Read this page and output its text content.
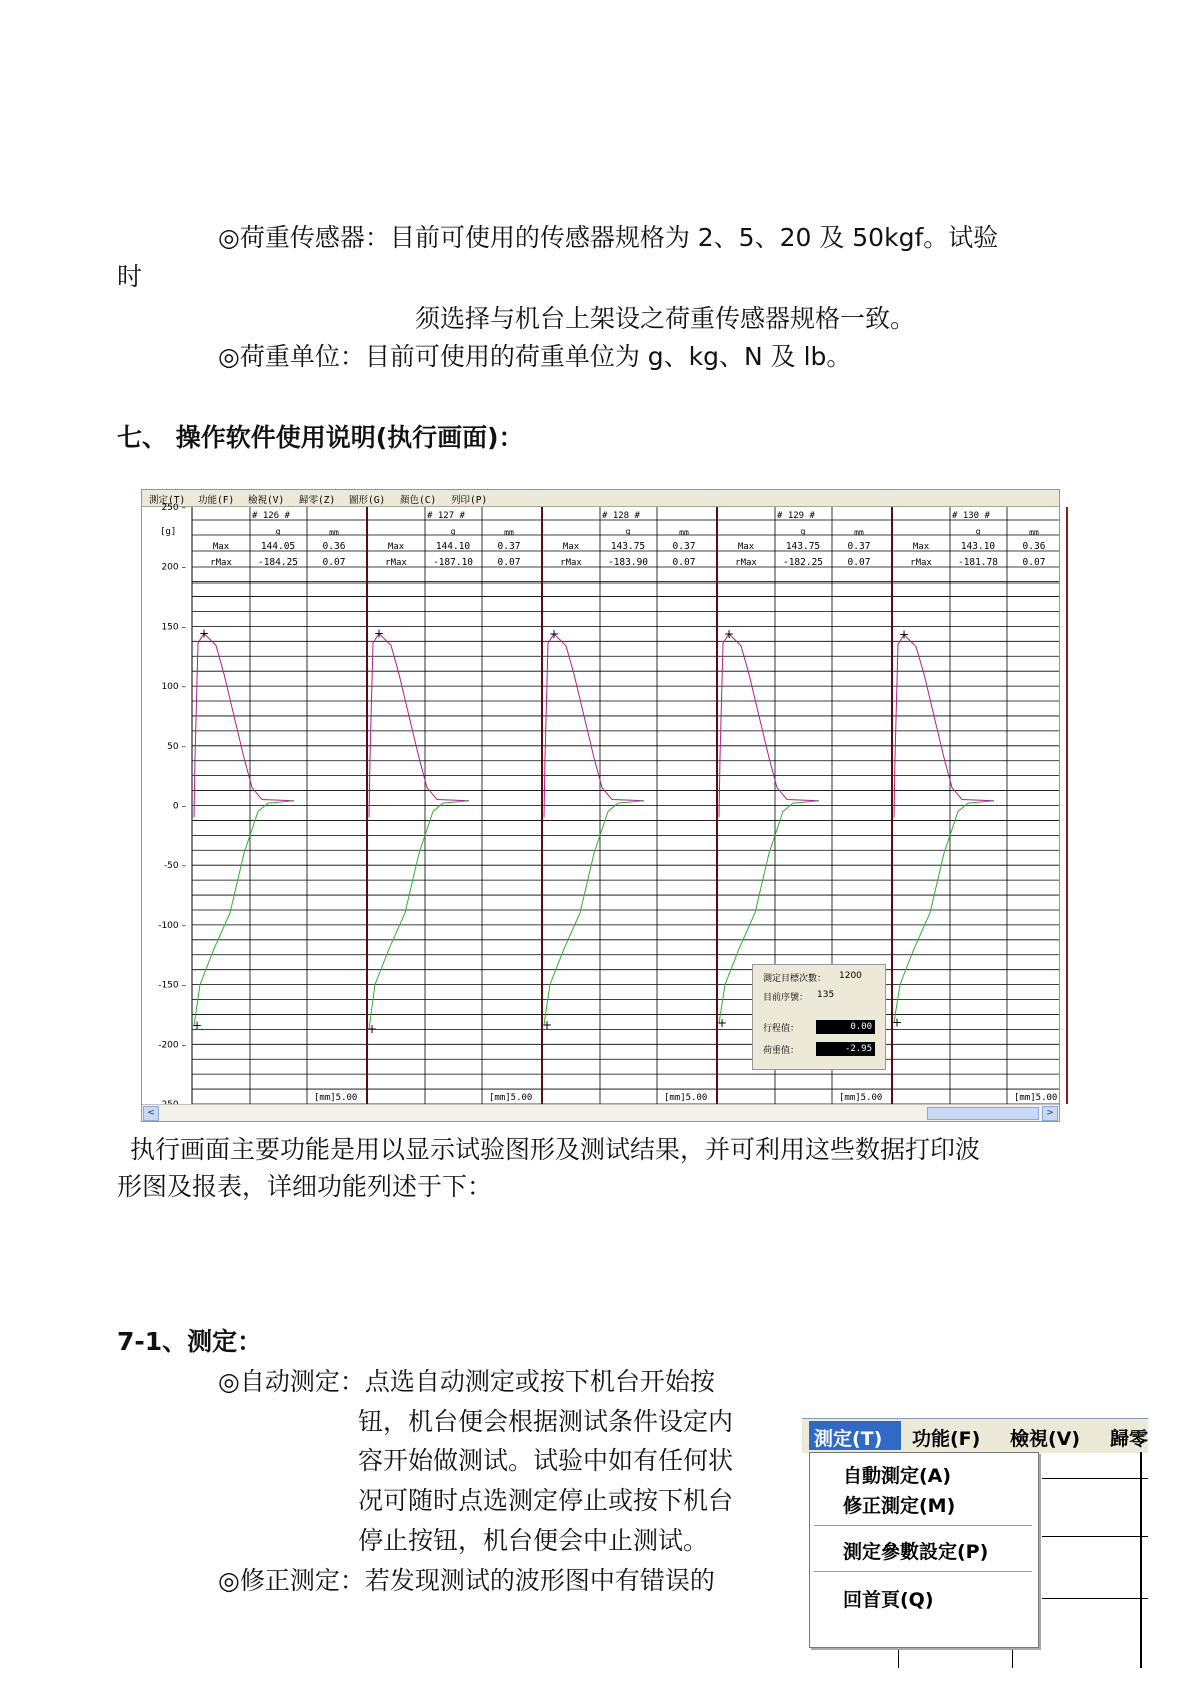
◎荷重传感器：目前可使用的传感器规格为 2、5、20 及 50kgf。试验
时
须选择与机台上架设之荷重传感器规格一致。
◎荷重单位：目前可使用的荷重单位为 g、kg、N 及 lb。
七、 操作软件使用说明(执行画面)：
測定(T) 功能(F) 檢視(V) 歸零(Z) 圖形(G) 顏色(C) 列印(P)
250 –
200 –
150 –
100 –
50 –
0 –
-50 –
-100 –
-150 –
-200 –
[g]
# 126 #
g	mm
Max	144.05	0.36
rMax	-184.25	0.07
[mm]5.00
+
+
# 127 #
g	mm
Max	144.10	0.37
rMax	-187.10	0.07
[mm]5.00
+
+
# 128 #
g	mm
Max	143.75	0.37
rMax	-183.90	0.07
[mm]5.00
+
+
# 129 #
g	mm
Max	143.75	0.37
rMax	-182.25	0.07
[mm]5.00
+
+
# 130 #
g	mm
Max	143.10	0.36
rMax	-181.78	0.07
[mm]5.00
+
+
測定目標次數： 1200
目前序號： 135
行程值：	0.00
荷重值：	-2.95
<	>
执行画面主要功能是用以显示试验图形及测试结果，并可利用这些数据打印波
形图及报表，详细功能列述于下：
7-1、测定：
◎自动测定：点选自动测定或按下机台开始按
钮，机台便会根据测试条件设定内
容开始做测试。试验中如有任何状
况可随时点选测定停止或按下机台
停止按钮，机台便会中止测试。
◎修正测定：若发现测试的波形图中有错误的
測定(T) 功能(F) 檢視(V) 歸零
自動測定(A)
修正測定(M)
測定參數設定(P)
回首頁(Q)
